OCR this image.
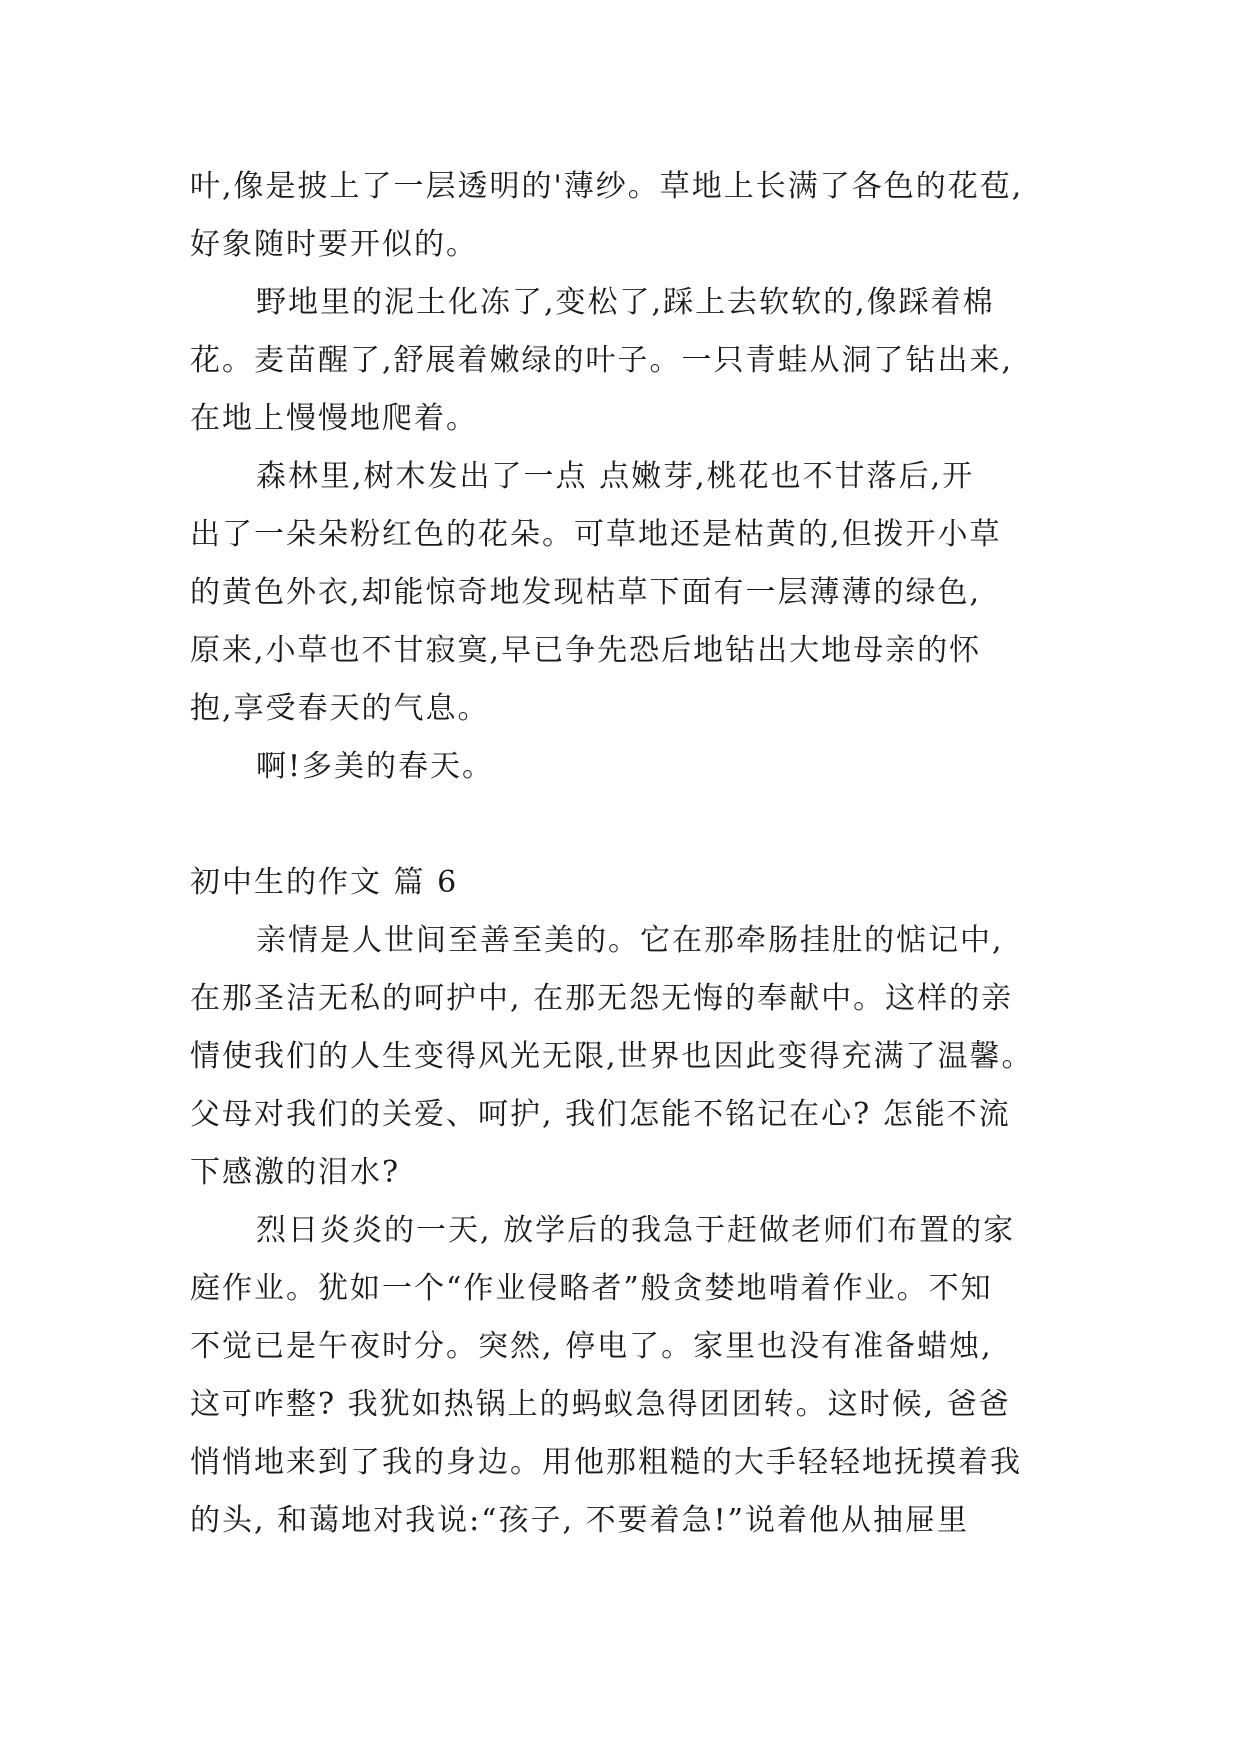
叶,像是披上了一层透明的'薄纱。草地上长满了各色的花苞,
好象随时要开似的。
野地里的泥土化冻了,变松了,踩上去软软的,像踩着棉
花。麦苗醒了,舒展着嫩绿的叶子。一只青蛙从洞了钻出来,
在地上慢慢地爬着。
森林里,树木发出了一点 点嫩芽,桃花也不甘落后,开
出了一朵朵粉红色的花朵。可草地还是枯黄的,但拨开小草
的黄色外衣,却能惊奇地发现枯草下面有一层薄薄的绿色,
原来,小草也不甘寂寞,早已争先恐后地钻出大地母亲的怀
抱,享受春天的气息。
啊!多美的春天。
初中生的作文 篇 6
亲情是人世间至善至美的。它在那牵肠挂肚的惦记中,
在那圣洁无私的呵护中, 在那无怨无悔的奉献中。这样的亲
情使我们的人生变得风光无限,世界也因此变得充满了温馨。
父母对我们的关爱、呵护, 我们怎能不铭记在心? 怎能不流
下感激的泪水?
烈日炎炎的一天, 放学后的我急于赶做老师们布置的家
庭作业。犹如一个“作业侵略者”般贪婪地啃着作业。不知
不觉已是午夜时分。突然, 停电了。家里也没有准备蜡烛,
这可咋整? 我犹如热锅上的蚂蚁急得团团转。这时候, 爸爸
悄悄地来到了我的身边。用他那粗糙的大手轻轻地抚摸着我
的头, 和蔼地对我说:“孩子, 不要着急!”说着他从抽屉里
